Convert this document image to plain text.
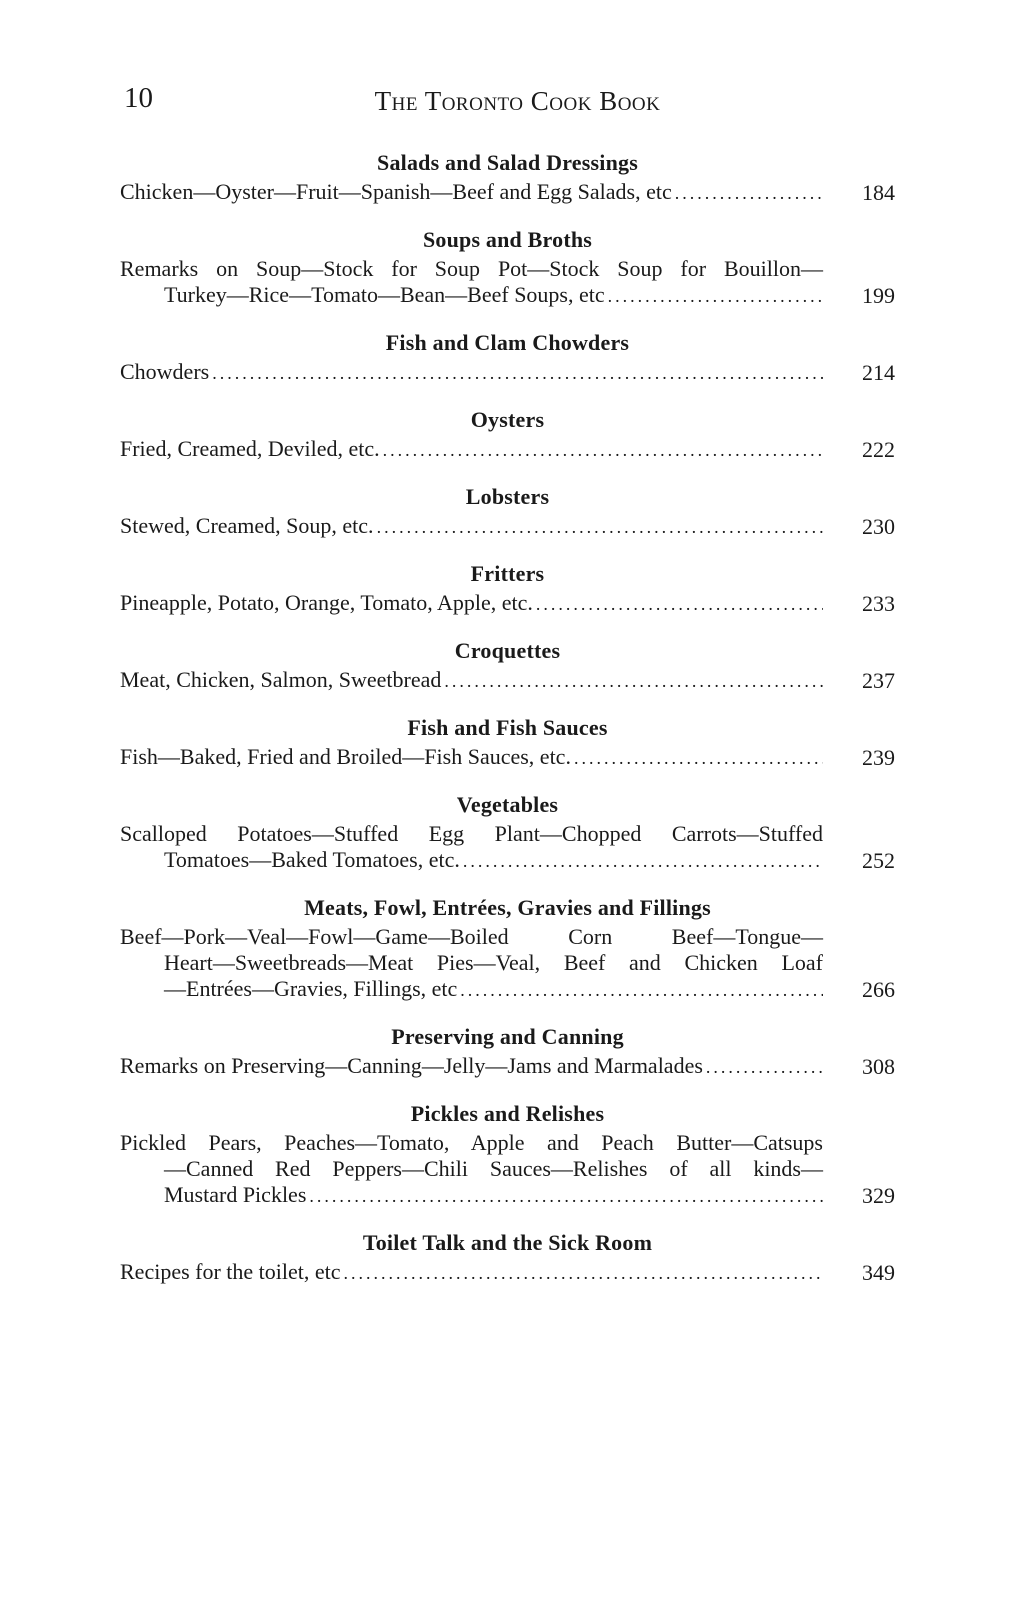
10	The Toronto Cook Book
Salads and Salad Dressings
Chicken—Oyster—Fruit—Spanish—Beef and Egg Salads, etc .....	184
Soups and Broths
Remarks on Soup—Stock for Soup Pot—Stock Soup for Bouillon—
Turkey—Rice—Tomato—Bean—Beef Soups, etc .....	199
Fish and Clam Chowders
Chowders .....	214
Oysters
Fried, Creamed, Deviled, etc. .....	222
Lobsters
Stewed, Creamed, Soup, etc. .....	230
Fritters
Pineapple, Potato, Orange, Tomato, Apple, etc. .....	233
Croquettes
Meat, Chicken, Salmon, Sweetbread .....	237
Fish and Fish Sauces
Fish—Baked, Fried and Broiled—Fish Sauces, etc. .....	239
Vegetables
Scalloped Potatoes—Stuffed Egg Plant—Chopped Carrots—Stuffed
Tomatoes—Baked Tomatoes, etc. .....	252
Meats, Fowl, Entrées, Gravies and Fillings
Beef—Pork—Veal—Fowl—Game—Boiled Corn Beef—Tongue—
Heart—Sweetbreads—Meat Pies—Veal, Beef and Chicken Loaf
—Entrées—Gravies, Fillings, etc .....	266
Preserving and Canning
Remarks on Preserving—Canning—Jelly—Jams and Marmalades .....	308
Pickles and Relishes
Pickled Pears, Peaches—Tomato, Apple and Peach Butter—Catsups
—Canned Red Peppers—Chili Sauces—Relishes of all kinds—
Mustard Pickles .....	329
Toilet Talk and the Sick Room
Recipes for the toilet, etc .....	349
